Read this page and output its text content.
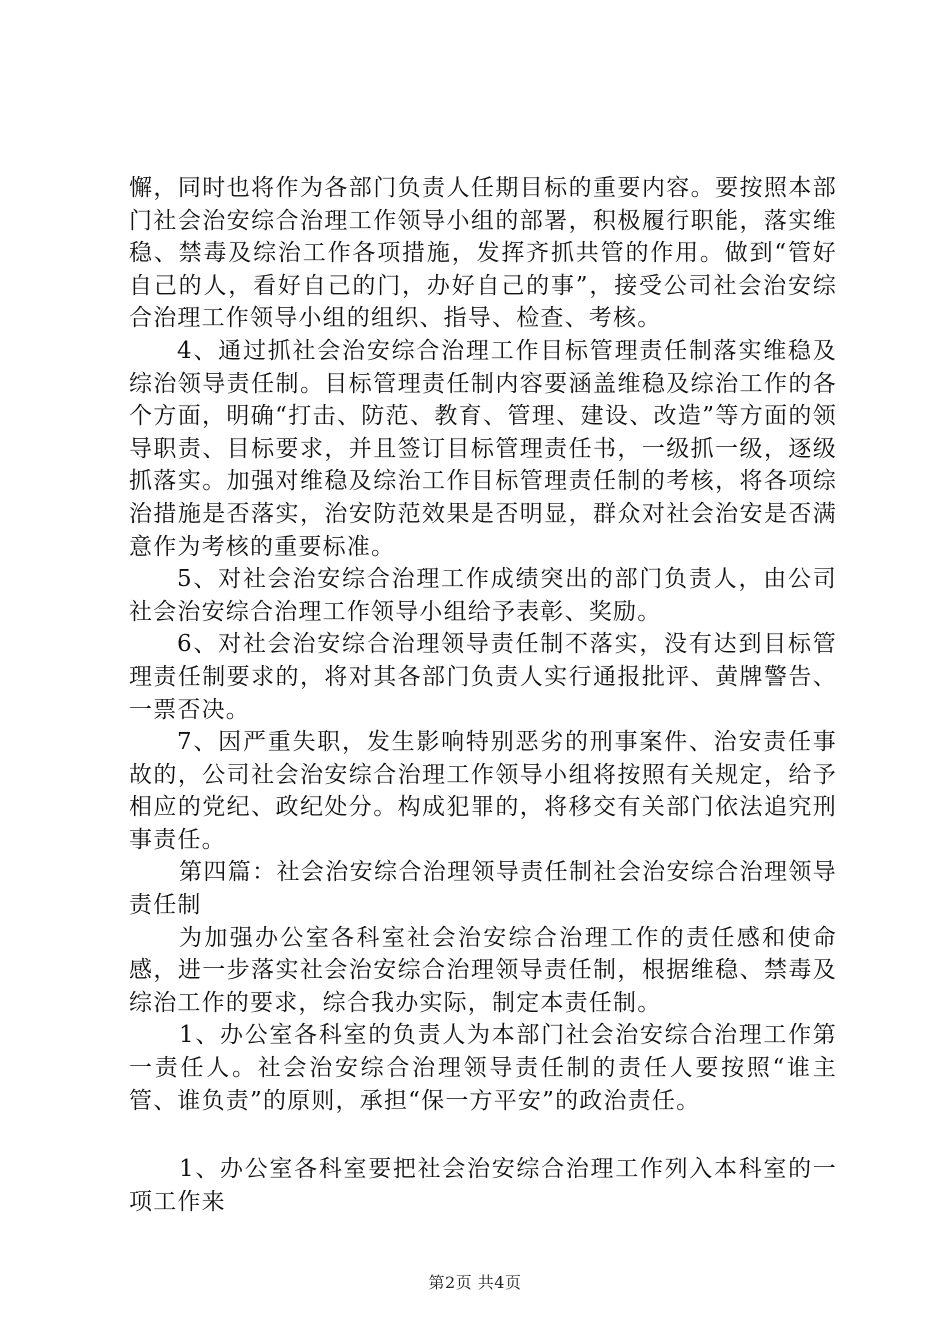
懈，同时也将作为各部门负责人任期目标的重要内容。要按照本部门社会治安综合治理工作领导小组的部署，积极履行职能，落实维稳、禁毒及综治工作各项措施，发挥齐抓共管的作用。做到“管好自己的人，看好自己的门，办好自己的事”，接受公司社会治安综合治理工作领导小组的组织、指导、检查、考核。

4、通过抓社会治安综合治理工作目标管理责任制落实维稳及综治领导责任制。目标管理责任制内容要涵盖维稳及综治工作的各个方面，明确“打击、防范、教育、管理、建设、改造”等方面的领导职责、目标要求，并且签订目标管理责任书，一级抓一级，逐级抓落实。加强对维稳及综治工作目标管理责任制的考核，将各项综治措施是否落实，治安防范效果是否明显，群众对社会治安是否满意作为考核的重要标准。

5、对社会治安综合治理工作成绩突出的部门负责人，由公司社会治安综合治理工作领导小组给予表彰、奖励。

6、对社会治安综合治理领导责任制不落实，没有达到目标管理责任制要求的，将对其各部门负责人实行通报批评、黄牌警告、一票否决。

7、因严重失职，发生影响特别恶劣的刑事案件、治安责任事故的，公司社会治安综合治理工作领导小组将按照有关规定，给予相应的党纪、政纪处分。构成犯罪的，将移交有关部门依法追究刑事责任。

第四篇：社会治安综合治理领导责任制社会治安综合治理领导责任制

为加强办公室各科室社会治安综合治理工作的责任感和使命感，进一步落实社会治安综合治理领导责任制，根据维稳、禁毒及综治工作的要求，综合我办实际，制定本责任制。

1、办公室各科室的负责人为本部门社会治安综合治理工作第一责任人。社会治安综合治理领导责任制的责任人要按照“谁主管、谁负责”的原则，承担“保一方平安”的政治责任。

1、办公室各科室要把社会治安综合治理工作列入本科室的一项工作来

第2页 共4页
